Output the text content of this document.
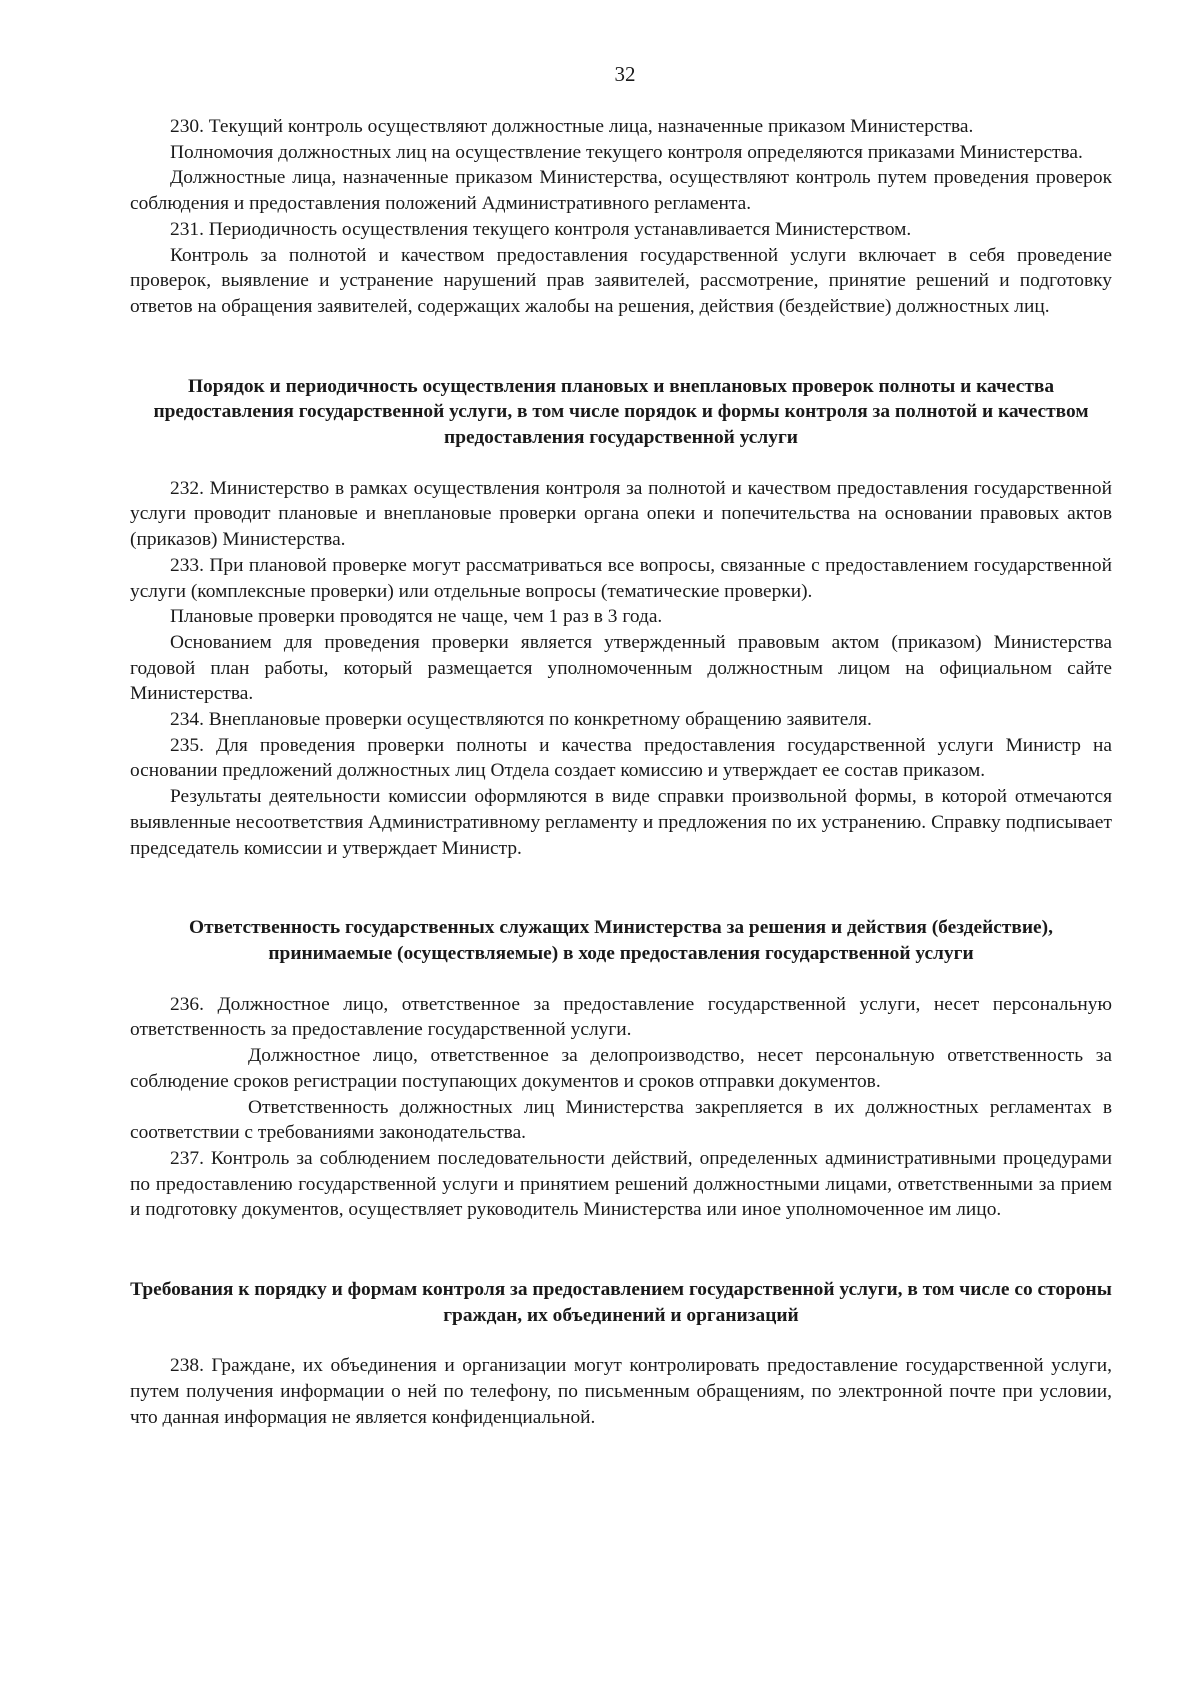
32

230. Текущий контроль осуществляют должностные лица, назначенные приказом Министерства.

Полномочия должностных лиц на осуществление текущего контроля определяются приказами Министерства.

Должностные лица, назначенные приказом Министерства, осуществляют контроль путем проведения проверок соблюдения и предоставления положений Административного регламента.

231. Периодичность осуществления текущего контроля устанавливается Министерством.

Контроль за полнотой и качеством предоставления государственной услуги включает в себя проведение проверок, выявление и устранение нарушений прав заявителей, рассмотрение, принятие решений и подготовку ответов на обращения заявителей, содержащих жалобы на решения, действия (бездействие) должностных лиц.

Порядок и периодичность осуществления плановых и внеплановых проверок полноты и качества предоставления государственной услуги, в том числе порядок и формы контроля за полнотой и качеством предоставления государственной услуги

232. Министерство в рамках осуществления контроля за полнотой и качеством предоставления государственной услуги проводит плановые и внеплановые проверки органа опеки и попечительства на основании правовых актов (приказов) Министерства.

233. При плановой проверке могут рассматриваться все вопросы, связанные с предоставлением государственной услуги (комплексные проверки) или отдельные вопросы (тематические проверки).

Плановые проверки проводятся не чаще, чем 1 раз в 3 года.

Основанием для проведения проверки является утвержденный правовым актом (приказом) Министерства годовой план работы, который размещается уполномоченным должностным лицом на официальном сайте Министерства.

234. Внеплановые проверки осуществляются по конкретному обращению заявителя.

235. Для проведения проверки полноты и качества предоставления государственной услуги Министр на основании предложений должностных лиц Отдела создает комиссию и утверждает ее состав приказом.

Результаты деятельности комиссии оформляются в виде справки произвольной формы, в которой отмечаются выявленные несоответствия Административному регламенту и предложения по их устранению. Справку подписывает председатель комиссии и утверждает Министр.

Ответственность государственных служащих Министерства за решения и действия (бездействие), принимаемые (осуществляемые) в ходе предоставления государственной услуги

236. Должностное лицо, ответственное за предоставление государственной услуги, несет персональную ответственность за предоставление государственной услуги.

Должностное лицо, ответственное за делопроизводство, несет персональную ответственность за соблюдение сроков регистрации поступающих документов и сроков отправки документов.

Ответственность должностных лиц Министерства закрепляется в их должностных регламентах в соответствии с требованиями законодательства.

237. Контроль за соблюдением последовательности действий, определенных административными процедурами по предоставлению государственной услуги и принятием решений должностными лицами, ответственными за прием и подготовку документов, осуществляет руководитель Министерства или иное уполномоченное им лицо.

Требования к порядку и формам контроля за предоставлением государственной услуги, в том числе со стороны граждан, их объединений и организаций

238. Граждане, их объединения и организации могут контролировать предоставление государственной услуги, путем получения информации о ней по телефону, по письменным обращениям, по электронной почте при условии, что данная информация не является конфиденциальной.
